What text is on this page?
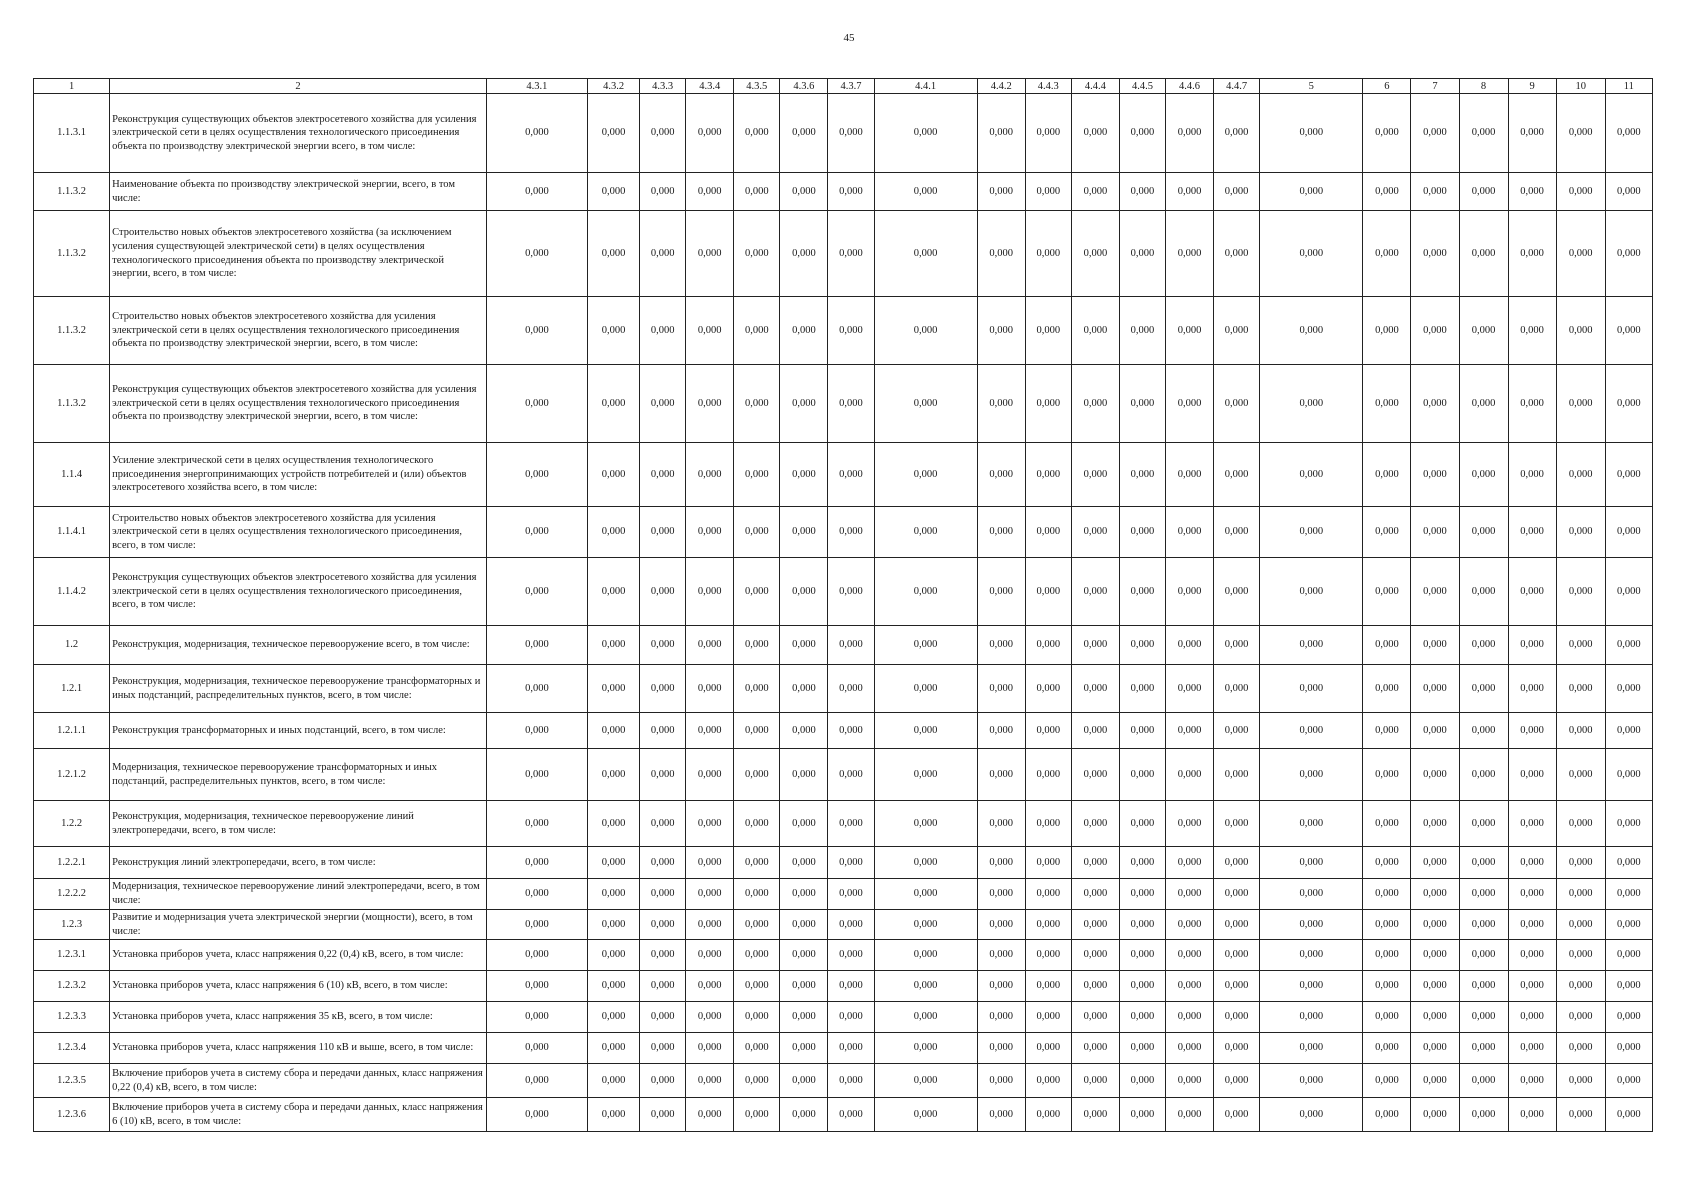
45
1	2	4.3.1	4.3.2	4.3.3	4.3.4	4.3.5	4.3.6	4.3.7	4.4.1	4.4.2	4.4.3	4.4.4	4.4.5	4.4.6	4.4.7	5	6	7	8	9	10	11
1.1.3.1	Реконструкция существующих объектов электросетевого хозяйства для усиления электрической сети в целях осуществления технологического присоединения объекта по производству электрической энергии всего, в том числе:	0,000	0,000	0,000	0,000	0,000	0,000	0,000	0,000	0,000	0,000	0,000	0,000	0,000	0,000	0,000	0,000	0,000	0,000	0,000	0,000	0,000
1.1.3.2	Наименование объекта по производству электрической энергии, всего, в том числе:	0,000	0,000	0,000	0,000	0,000	0,000	0,000	0,000	0,000	0,000	0,000	0,000	0,000	0,000	0,000	0,000	0,000	0,000	0,000	0,000	0,000
1.1.3.2	Строительство новых объектов электросетевого хозяйства (за исключением усиления существующей электрической сети) в целях осуществления технологического присоединения объекта по производству электрической энергии, всего, в том числе:	0,000	0,000	0,000	0,000	0,000	0,000	0,000	0,000	0,000	0,000	0,000	0,000	0,000	0,000	0,000	0,000	0,000	0,000	0,000	0,000	0,000
1.1.3.2	Строительство новых объектов электросетевого хозяйства для усиления электрической сети в целях осуществления технологического присоединения объекта по производству электрической энергии, всего, в том числе:	0,000	0,000	0,000	0,000	0,000	0,000	0,000	0,000	0,000	0,000	0,000	0,000	0,000	0,000	0,000	0,000	0,000	0,000	0,000	0,000	0,000
1.1.3.2	Реконструкция существующих объектов электросетевого хозяйства для усиления электрической сети в целях осуществления технологического присоединения объекта по производству электрической энергии, всего, в том числе:	0,000	0,000	0,000	0,000	0,000	0,000	0,000	0,000	0,000	0,000	0,000	0,000	0,000	0,000	0,000	0,000	0,000	0,000	0,000	0,000	0,000
1.1.4	Усиление электрической сети в целях осуществления технологического присоединения энергопринимающих устройств потребителей и (или) объектов электросетевого хозяйства всего, в том числе:	0,000	0,000	0,000	0,000	0,000	0,000	0,000	0,000	0,000	0,000	0,000	0,000	0,000	0,000	0,000	0,000	0,000	0,000	0,000	0,000	0,000
1.1.4.1	Строительство новых объектов электросетевого хозяйства для усиления электрической сети в целях осуществления технологического присоединения, всего, в том числе:	0,000	0,000	0,000	0,000	0,000	0,000	0,000	0,000	0,000	0,000	0,000	0,000	0,000	0,000	0,000	0,000	0,000	0,000	0,000	0,000	0,000
1.1.4.2	Реконструкция существующих объектов электросетевого хозяйства для усиления электрической сети в целях осуществления технологического присоединения, всего, в том числе:	0,000	0,000	0,000	0,000	0,000	0,000	0,000	0,000	0,000	0,000	0,000	0,000	0,000	0,000	0,000	0,000	0,000	0,000	0,000	0,000	0,000
1.2	Реконструкция, модернизация, техническое перевооружение всего, в том числе:	0,000	0,000	0,000	0,000	0,000	0,000	0,000	0,000	0,000	0,000	0,000	0,000	0,000	0,000	0,000	0,000	0,000	0,000	0,000	0,000	0,000
1.2.1	Реконструкция, модернизация, техническое перевооружение трансформаторных и иных подстанций, распределительных пунктов, всего, в том числе:	0,000	0,000	0,000	0,000	0,000	0,000	0,000	0,000	0,000	0,000	0,000	0,000	0,000	0,000	0,000	0,000	0,000	0,000	0,000	0,000	0,000
1.2.1.1	Реконструкция трансформаторных и иных подстанций, всего, в том числе:	0,000	0,000	0,000	0,000	0,000	0,000	0,000	0,000	0,000	0,000	0,000	0,000	0,000	0,000	0,000	0,000	0,000	0,000	0,000	0,000	0,000
1.2.1.2	Модернизация, техническое перевооружение трансформаторных и иных подстанций, распределительных пунктов, всего, в том числе:	0,000	0,000	0,000	0,000	0,000	0,000	0,000	0,000	0,000	0,000	0,000	0,000	0,000	0,000	0,000	0,000	0,000	0,000	0,000	0,000	0,000
1.2.2	Реконструкция, модернизация, техническое перевооружение линий электропередачи, всего, в том числе:	0,000	0,000	0,000	0,000	0,000	0,000	0,000	0,000	0,000	0,000	0,000	0,000	0,000	0,000	0,000	0,000	0,000	0,000	0,000	0,000	0,000
1.2.2.1	Реконструкция линий электропередачи, всего, в том числе:	0,000	0,000	0,000	0,000	0,000	0,000	0,000	0,000	0,000	0,000	0,000	0,000	0,000	0,000	0,000	0,000	0,000	0,000	0,000	0,000	0,000
1.2.2.2	Модернизация, техническое перевооружение линий электропередачи, всего, в том числе:	0,000	0,000	0,000	0,000	0,000	0,000	0,000	0,000	0,000	0,000	0,000	0,000	0,000	0,000	0,000	0,000	0,000	0,000	0,000	0,000	0,000
1.2.3	Развитие и модернизация учета электрической энергии (мощности), всего, в том числе:	0,000	0,000	0,000	0,000	0,000	0,000	0,000	0,000	0,000	0,000	0,000	0,000	0,000	0,000	0,000	0,000	0,000	0,000	0,000	0,000	0,000
1.2.3.1	Установка приборов учета, класс напряжения 0,22 (0,4) кВ, всего, в том числе:	0,000	0,000	0,000	0,000	0,000	0,000	0,000	0,000	0,000	0,000	0,000	0,000	0,000	0,000	0,000	0,000	0,000	0,000	0,000	0,000	0,000
1.2.3.2	Установка приборов учета, класс напряжения 6 (10) кВ, всего, в том числе:	0,000	0,000	0,000	0,000	0,000	0,000	0,000	0,000	0,000	0,000	0,000	0,000	0,000	0,000	0,000	0,000	0,000	0,000	0,000	0,000	0,000
1.2.3.3	Установка приборов учета, класс напряжения 35 кВ, всего, в том числе:	0,000	0,000	0,000	0,000	0,000	0,000	0,000	0,000	0,000	0,000	0,000	0,000	0,000	0,000	0,000	0,000	0,000	0,000	0,000	0,000	0,000
1.2.3.4	Установка приборов учета, класс напряжения 110 кВ и выше, всего, в том числе:	0,000	0,000	0,000	0,000	0,000	0,000	0,000	0,000	0,000	0,000	0,000	0,000	0,000	0,000	0,000	0,000	0,000	0,000	0,000	0,000	0,000
1.2.3.5	Включение приборов учета в систему сбора и передачи данных, класс напряжения 0,22 (0,4) кВ, всего, в том числе:	0,000	0,000	0,000	0,000	0,000	0,000	0,000	0,000	0,000	0,000	0,000	0,000	0,000	0,000	0,000	0,000	0,000	0,000	0,000	0,000	0,000
1.2.3.6	Включение приборов учета в систему сбора и передачи данных, класс напряжения 6 (10) кВ, всего, в том числе:	0,000	0,000	0,000	0,000	0,000	0,000	0,000	0,000	0,000	0,000	0,000	0,000	0,000	0,000	0,000	0,000	0,000	0,000	0,000	0,000	0,000
